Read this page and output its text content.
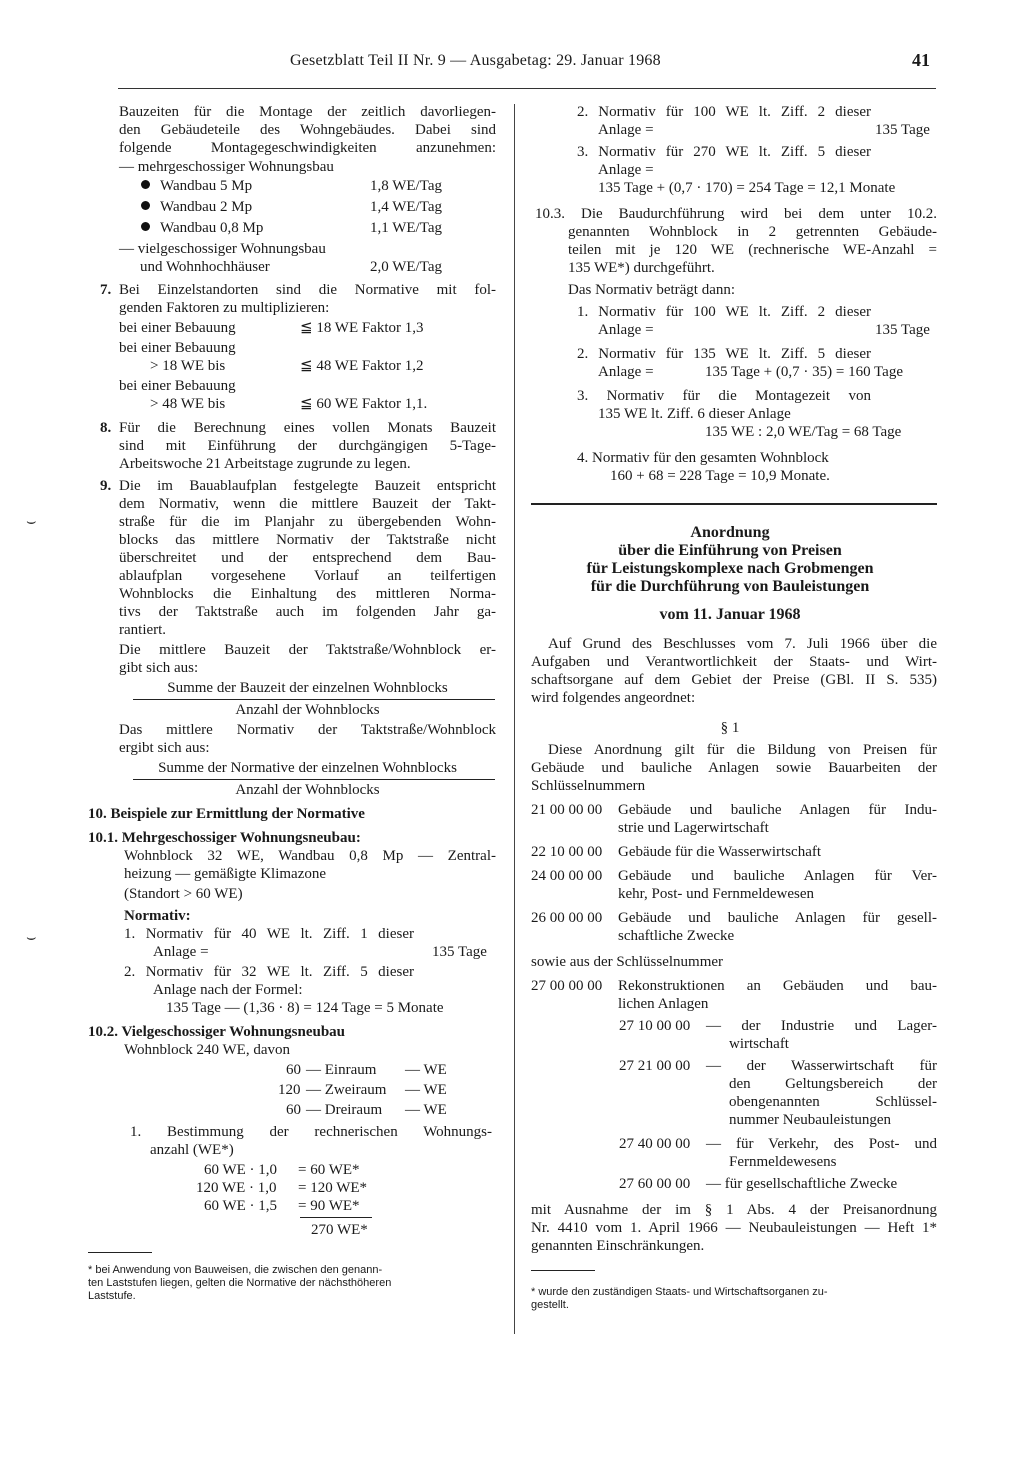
Gesetzblatt Teil II Nr. 9 — Ausgabetag: 29. Januar 1968	41
⌣
⌣
Bauzeiten für die Montage der zeitlich davorliegen-
den Gebäudeteile des Wohngebäudes. Dabei sind
folgende Montagegeschwindigkeiten anzunehmen:
— mehrgeschossiger Wohnungsbau
Wandbau 5 Mp	1,8 WE/Tag
Wandbau 2 Mp	1,4 WE/Tag
Wandbau 0,8 Mp	1,1 WE/Tag
— vielgeschossiger Wohnungsbau
und Wohnhochhäuser	2,0 WE/Tag
7. Bei Einzelstandorten sind die Normative mit fol-
genden Faktoren zu multiplizieren:
bei einer Bebauung	≦ 18 WE Faktor 1,3
bei einer Bebauung
> 18 WE bis	≦ 48 WE Faktor 1,2
bei einer Bebauung
> 48 WE bis	≦ 60 WE Faktor 1,1.
8. Für die Berechnung eines vollen Monats Bauzeit
sind mit Einführung der durchgängigen 5-Tage-
Arbeitswoche 21 Arbeitstage zugrunde zu legen.
9. Die im Bauablaufplan festgelegte Bauzeit entspricht
dem Normativ, wenn die mittlere Bauzeit der Takt-
straße für die im Planjahr zu übergebenden Wohn-
blocks das mittlere Normativ der Taktstraße nicht
überschreitet und der entsprechend dem Bau-
ablaufplan vorgesehene Vorlauf an teilfertigen
Wohnblocks die Einhaltung des mittleren Norma-
tivs der Taktstraße auch im folgenden Jahr ga-
rantiert.
Die mittlere Bauzeit der Taktstraße/Wohnblock er-
gibt sich aus:
Summe der Bauzeit der einzelnen Wohnblocks
Anzahl der Wohnblocks
Das mittlere Normativ der Taktstraße/Wohnblock
ergibt sich aus:
Summe der Normative der einzelnen Wohnblocks
Anzahl der Wohnblocks
10. Beispiele zur Ermittlung der Normative
10.1. Mehrgeschossiger Wohnungsneubau:
Wohnblock 32 WE, Wandbau 0,8 Mp — Zentral-
heizung — gemäßigte Klimazone
(Standort > 60 WE)
Normativ:
1. Normativ für 40 WE lt. Ziff. 1 dieser
Anlage =	135 Tage
2. Normativ für 32 WE lt. Ziff. 5 dieser
Anlage nach der Formel:
135 Tage — (1,36 · 8) = 124 Tage = 5 Monate
10.2. Vielgeschossiger Wohnungsneubau
Wohnblock 240 WE, davon
60 — Einraum — WE
120 — Zweiraum — WE
60 — Dreiraum — WE
1. Bestimmung der rechnerischen Wohnungs-
anzahl (WE*)
60 WE · 1,0 = 60 WE*
120 WE · 1,0 = 120 WE*
60 WE · 1,5 = 90 WE*
270 WE*
* bei Anwendung von Bauweisen, die zwischen den genann-
ten Laststufen liegen, gelten die Normative der nächsthöheren
Laststufe.
2. Normativ für 100 WE lt. Ziff. 2 dieser
Anlage =	135 Tage
3. Normativ für 270 WE lt. Ziff. 5 dieser
Anlage =
135 Tage + (0,7 · 170) = 254 Tage = 12,1 Monate
10.3. Die Baudurchführung wird bei dem unter 10.2.
genannten Wohnblock in 2 getrennten Gebäude-
teilen mit je 120 WE (rechnerische WE-Anzahl =
135 WE*) durchgeführt.
Das Normativ beträgt dann:
1. Normativ für 100 WE lt. Ziff. 2 dieser
Anlage =	135 Tage
2. Normativ für 135 WE lt. Ziff. 5 dieser
Anlage =	135 Tage + (0,7 · 35) = 160 Tage
3. Normativ für die Montagezeit von
135 WE lt. Ziff. 6 dieser Anlage
135 WE : 2,0 WE/Tag = 68 Tage
4. Normativ für den gesamten Wohnblock
160 + 68 = 228 Tage = 10,9 Monate.
Anordnung
über die Einführung von Preisen
für Leistungskomplexe nach Grobmengen
für die Durchführung von Bauleistungen
vom 11. Januar 1968
Auf Grund des Beschlusses vom 7. Juli 1966 über die
Aufgaben und Verantwortlichkeit der Staats- und Wirt-
schaftsorgane auf dem Gebiet der Preise (GBl. II S. 535)
wird folgendes angeordnet:
§ 1
Diese Anordnung gilt für die Bildung von Preisen für
Gebäude und bauliche Anlagen sowie Bauarbeiten der
Schlüsselnummern
21 00 00 00 Gebäude und bauliche Anlagen für Indu-
strie und Lagerwirtschaft
22 10 00 00 Gebäude für die Wasserwirtschaft
24 00 00 00 Gebäude und bauliche Anlagen für Ver-
kehr, Post- und Fernmeldewesen
26 00 00 00 Gebäude und bauliche Anlagen für gesell-
schaftliche Zwecke
sowie aus der Schlüsselnummer
27 00 00 00 Rekonstruktionen an Gebäuden und bau-
lichen Anlagen
27 10 00 00 — der Industrie und Lager-
wirtschaft
27 21 00 00 — der Wasserwirtschaft für
den Geltungsbereich der
obengenannten Schlüssel-
nummer Neubauleistungen
27 40 00 00 — für Verkehr, des Post- und
Fernmeldewesens
27 60 00 00 — für gesellschaftliche Zwecke
mit Ausnahme der im § 1 Abs. 4 der Preisanordnung
Nr. 4410 vom 1. April 1966 — Neubauleistungen — Heft 1*
genannten Einschränkungen.
* wurde den zuständigen Staats- und Wirtschaftsorganen zu-
gestellt.
